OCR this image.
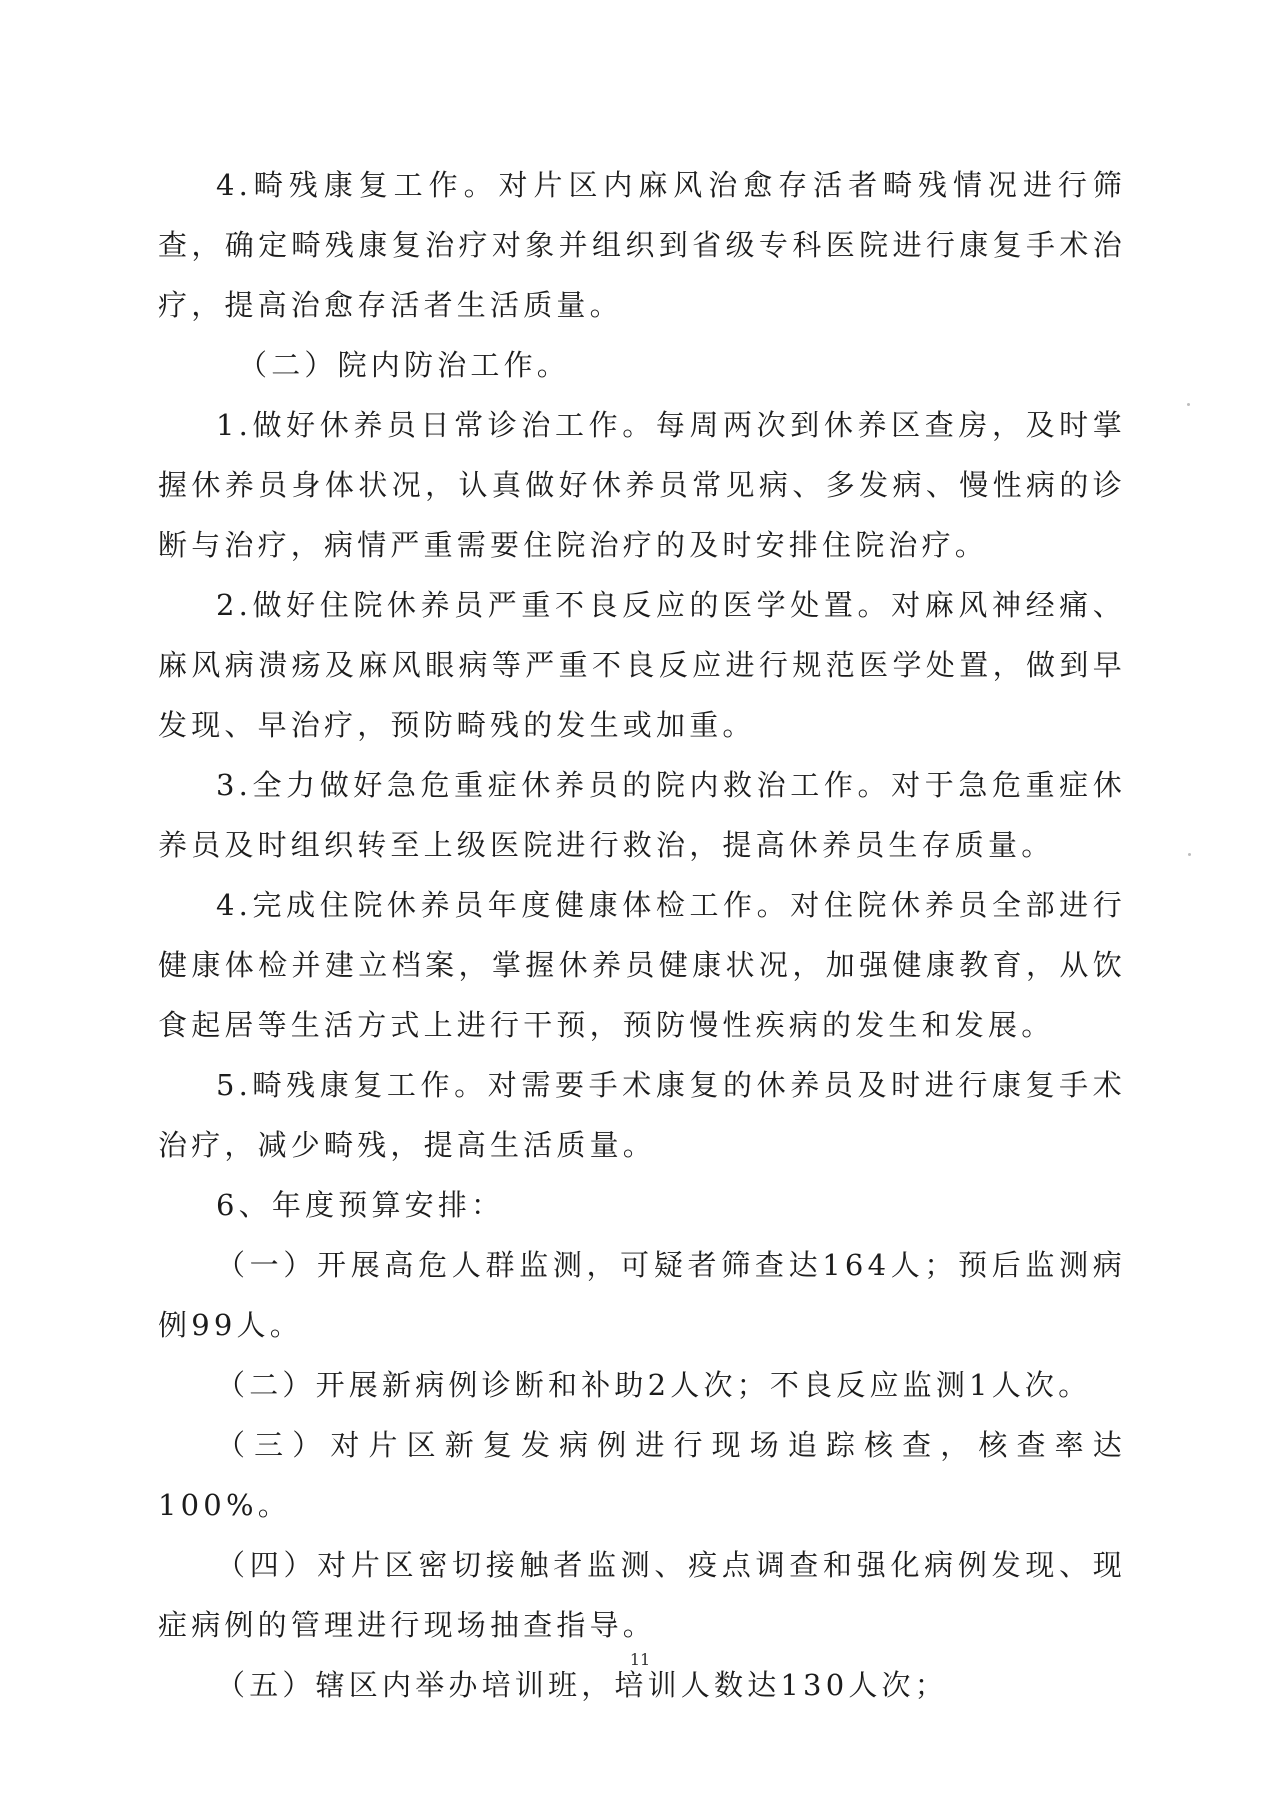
4.畸残康复工作。对片区内麻风治愈存活者畸残情况进行筛查，确定畸残康复治疗对象并组织到省级专科医院进行康复手术治疗，提高治愈存活者生活质量。

（二）院内防治工作。

1.做好休养员日常诊治工作。每周两次到休养区查房，及时掌握休养员身体状况，认真做好休养员常见病、多发病、慢性病的诊断与治疗，病情严重需要住院治疗的及时安排住院治疗。

2.做好住院休养员严重不良反应的医学处置。对麻风神经痛、麻风病溃疡及麻风眼病等严重不良反应进行规范医学处置，做到早发现、早治疗，预防畸残的发生或加重。

3.全力做好急危重症休养员的院内救治工作。对于急危重症休养员及时组织转至上级医院进行救治，提高休养员生存质量。

4.完成住院休养员年度健康体检工作。对住院休养员全部进行健康体检并建立档案，掌握休养员健康状况，加强健康教育，从饮食起居等生活方式上进行干预，预防慢性疾病的发生和发展。

5.畸残康复工作。对需要手术康复的休养员及时进行康复手术治疗，减少畸残，提高生活质量。

6、年度预算安排：

（一）开展高危人群监测，可疑者筛查达164人；预后监测病例99人。

（二）开展新病例诊断和补助2人次；不良反应监测1人次。

（三）对片区新复发病例进行现场追踪核查，核查率达100%。

（四）对片区密切接触者监测、疫点调查和强化病例发现、现症病例的管理进行现场抽查指导。

（五）辖区内举办培训班，培训人数达130人次；

11
